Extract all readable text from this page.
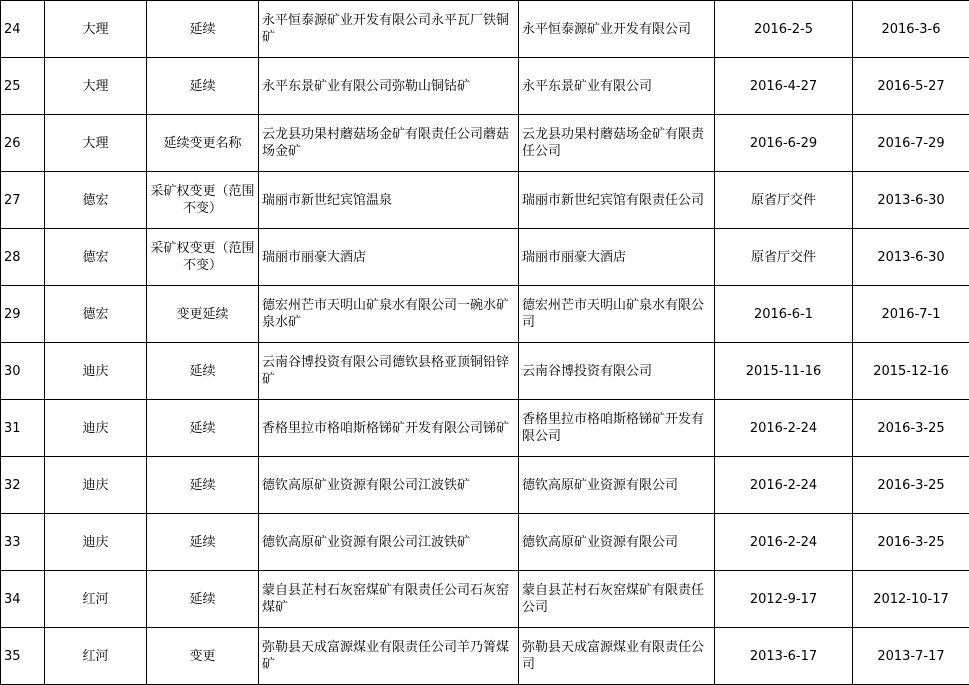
24	大理	延续	永平恒泰源矿业开发有限公司永平瓦厂铁铜矿	永平恒泰源矿业开发有限公司	2016-2-5	2016-3-6
25	大理	延续	永平东景矿业有限公司弥勒山铜钴矿	永平东景矿业有限公司	2016-4-27	2016-5-27
26	大理	延续变更名称	云龙县功果村蘑菇场金矿有限责任公司蘑菇场金矿	云龙县功果村蘑菇场金矿有限责任公司	2016-6-29	2016-7-29
27	德宏	采矿权变更（范围不变）	瑞丽市新世纪宾馆温泉	瑞丽市新世纪宾馆有限责任公司	原省厅交件	2013-6-30
28	德宏	采矿权变更（范围不变）	瑞丽市丽豪大酒店	瑞丽市丽豪大酒店	原省厅交件	2013-6-30
29	德宏	变更延续	德宏州芒市天明山矿泉水有限公司一碗水矿泉水矿	德宏州芒市天明山矿泉水有限公司	2016-6-1	2016-7-1
30	迪庆	延续	云南谷博投资有限公司德钦县格亚顶铜铅锌矿	云南谷博投资有限公司	2015-11-16	2015-12-16
31	迪庆	延续	香格里拉市格咱斯格锑矿开发有限公司锑矿	香格里拉市格咱斯格锑矿开发有限公司	2016-2-24	2016-3-25
32	迪庆	延续	德钦高原矿业资源有限公司江波铁矿	德钦高原矿业资源有限公司	2016-2-24	2016-3-25
33	迪庆	延续	德钦高原矿业资源有限公司江波铁矿	德钦高原矿业资源有限公司	2016-2-24	2016-3-25
34	红河	延续	蒙自县芷村石灰窑煤矿有限责任公司石灰窑煤矿	蒙自县芷村石灰窑煤矿有限责任公司	2012-9-17	2012-10-17
35	红河	变更	弥勒县天成富源煤业有限责任公司羊乃箐煤矿	弥勒县天成富源煤业有限责任公司	2013-6-17	2013-7-17
